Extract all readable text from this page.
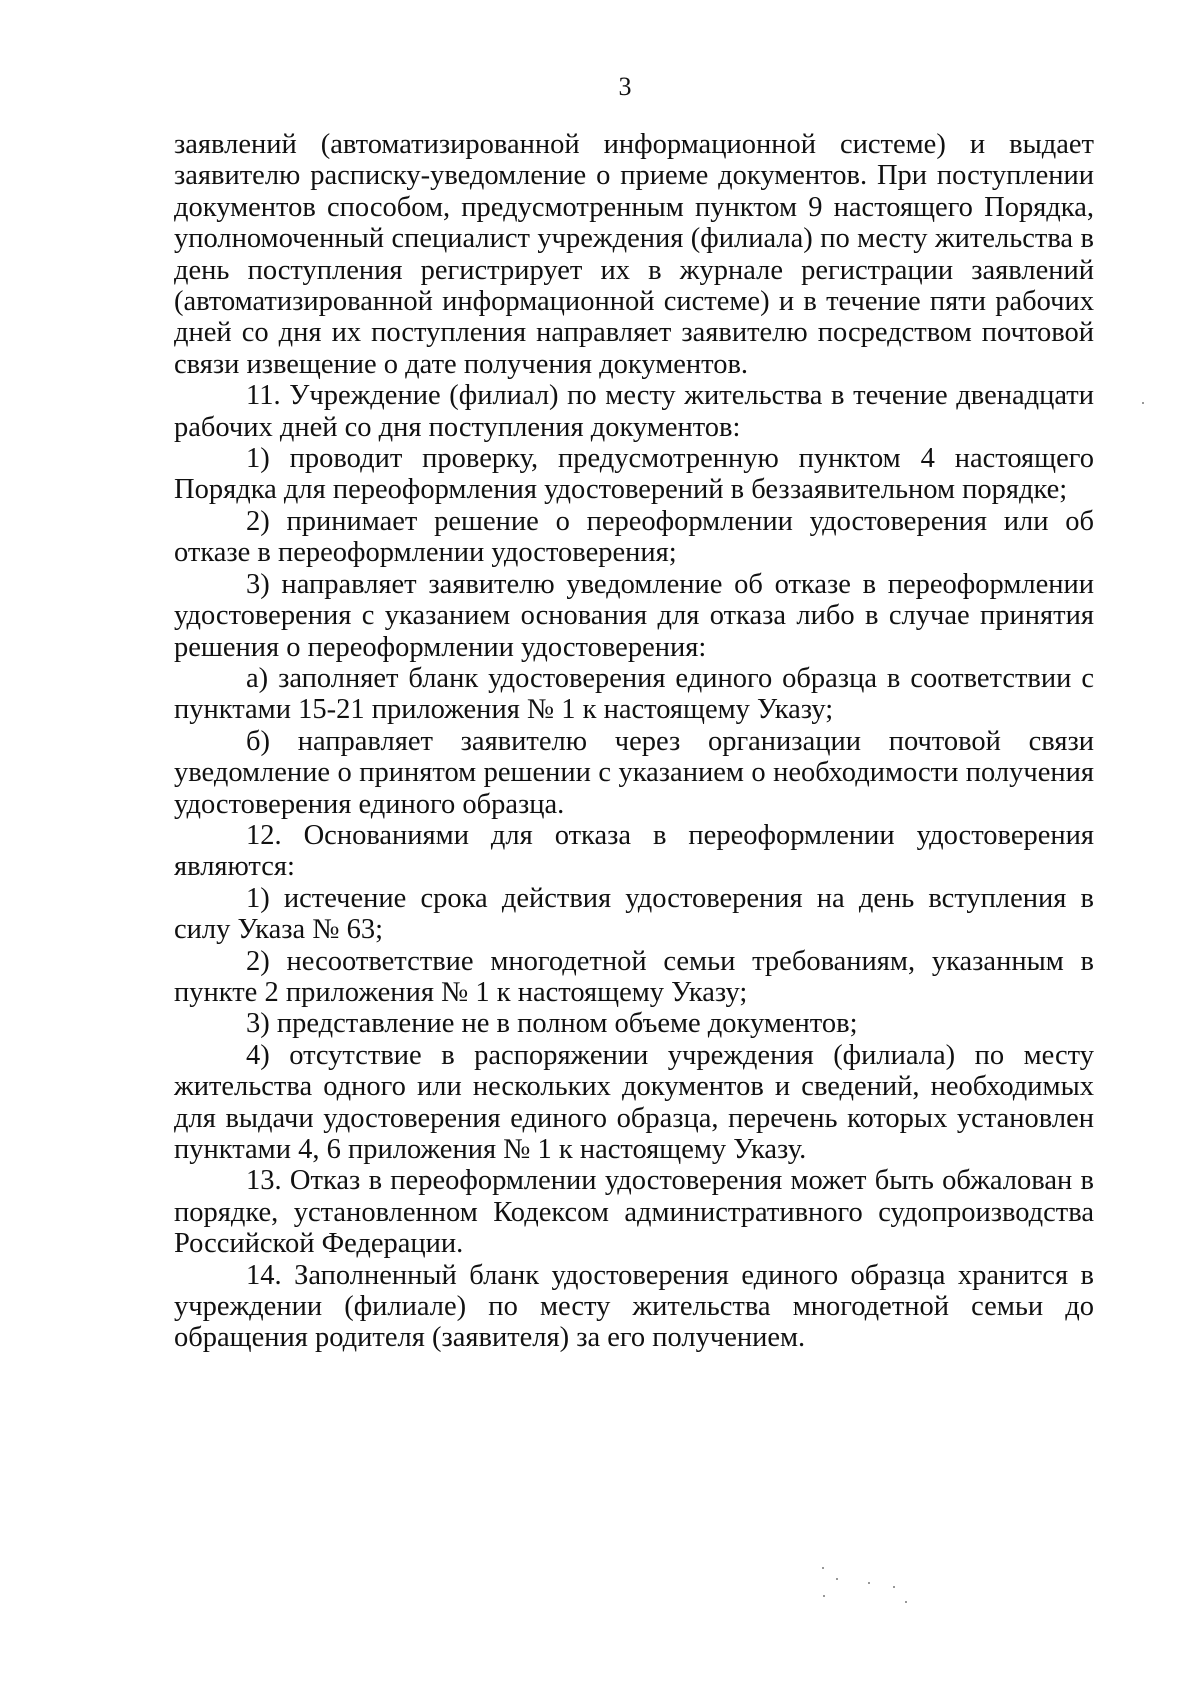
3

заявлений (автоматизированной информационной системе) и выдает заявителю расписку-уведомление о приеме документов. При поступлении документов способом, предусмотренным пунктом 9 настоящего Порядка, уполномоченный специалист учреждения (филиала) по месту жительства в день поступления регистрирует их в журнале регистрации заявлений (автоматизированной информационной системе) и в течение пяти рабочих дней со дня их поступления направляет заявителю посредством почтовой связи извещение о дате получения документов.

11. Учреждение (филиал) по месту жительства в течение двенадцати рабочих дней со дня поступления документов:

1) проводит проверку, предусмотренную пунктом 4 настоящего Порядка для переоформления удостоверений в беззаявительном порядке;

2) принимает решение о переоформлении удостоверения или об отказе в переоформлении удостоверения;

3) направляет заявителю уведомление об отказе в переоформлении удостоверения с указанием основания для отказа либо в случае принятия решения о переоформлении удостоверения:

а) заполняет бланк удостоверения единого образца в соответствии с пунктами 15-21 приложения № 1 к настоящему Указу;

б) направляет заявителю через организации почтовой связи уведомление о принятом решении с указанием о необходимости получения удостоверения единого образца.

12. Основаниями для отказа в переоформлении удостоверения являются:

1) истечение срока действия удостоверения на день вступления в силу Указа № 63;

2) несоответствие многодетной семьи требованиям, указанным в пункте 2 приложения № 1 к настоящему Указу;

3) представление не в полном объеме документов;

4) отсутствие в распоряжении учреждения (филиала) по месту жительства одного или нескольких документов и сведений, необходимых для выдачи удостоверения единого образца, перечень которых установлен пунктами 4, 6 приложения № 1 к настоящему Указу.

13. Отказ в переоформлении удостоверения может быть обжалован в порядке, установленном Кодексом административного судопроизводства Российской Федерации.

14. Заполненный бланк удостоверения единого образца хранится в учреждении (филиале) по месту жительства многодетной семьи до обращения родителя (заявителя) за его получением.
